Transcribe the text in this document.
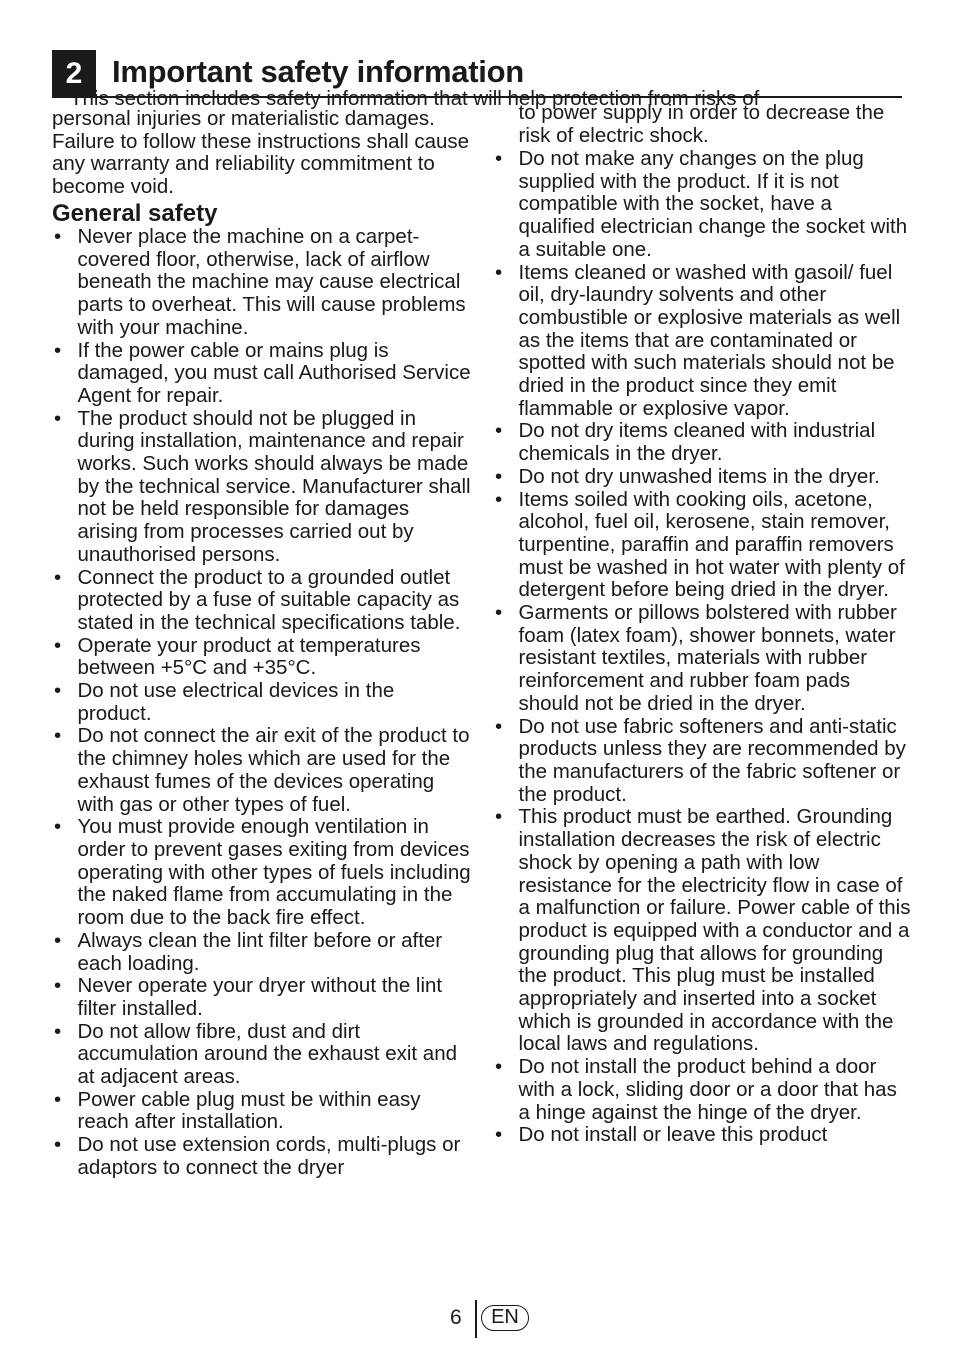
2 Important safety information

This section includes safety information that will help protection from risks of

personal injuries or materialistic damages. Failure to follow these instructions shall cause any warranty and reliability commitment to become void.

General safety
• Never place the machine on a carpet-covered floor, otherwise, lack of airflow beneath the machine may cause electrical parts to overheat. This will cause problems with your machine.
• If the power cable or mains plug is damaged, you must call Authorised Service Agent for repair.
• The product should not be plugged in during installation, maintenance and repair works. Such works should always be made by the technical service. Manufacturer shall not be held responsible for damages arising from processes carried out by unauthorised persons.
• Connect the product to a grounded outlet protected by a fuse of suitable capacity as stated in the technical specifications table.
• Operate your product at temperatures between +5°C and +35°C.
• Do not use electrical devices in the product.
• Do not connect the air exit of the product to the chimney holes which are used for the exhaust fumes of the devices operating with gas or other types of fuel.
• You must provide enough ventilation in order to prevent gases exiting from devices operating with other types of fuels including the naked flame from accumulating in the room due to the back fire effect.
• Always clean the lint filter before or after each loading.
• Never operate your dryer without the lint filter installed.
• Do not allow fibre, dust and dirt accumulation around the exhaust exit and at adjacent areas.
• Power cable plug must be within easy reach after installation.
• Do not use extension cords, multi-plugs or adaptors to connect the dryer

to power supply in order to decrease the risk of electric shock.

• Do not make any changes on the plug supplied with the product. If it is not compatible with the socket, have a qualified electrician change the socket with a suitable one.
• Items cleaned or washed with gasoil/ fuel oil, dry-laundry solvents and other combustible or explosive materials as well as the items that are contaminated or spotted with such materials should not be dried in the product since they emit flammable or explosive vapor.
• Do not dry items cleaned with industrial chemicals in the dryer.
• Do not dry unwashed items in the dryer.
• Items soiled with cooking oils, acetone, alcohol, fuel oil, kerosene, stain remover, turpentine, paraffin and paraffin removers must be washed in hot water with plenty of detergent before being dried in the dryer.
• Garments or pillows bolstered with rubber foam (latex foam), shower bonnets, water resistant textiles, materials with rubber reinforcement and rubber foam pads should not be dried in the dryer.
• Do not use fabric softeners and anti-static products unless they are recommended by the manufacturers of the fabric softener or the product.
• This product must be earthed. Grounding installation decreases the risk of electric shock by opening a path with low resistance for the electricity flow in case of a malfunction or failure. Power cable of this product is equipped with a conductor and a grounding plug that allows for grounding the product. This plug must be installed appropriately and inserted into a socket which is grounded in accordance with the local laws and regulations.
• Do not install the product behind a door with a lock, sliding door or a door that has a hinge against the hinge of the dryer.
• Do not install or leave this product
6	EN
